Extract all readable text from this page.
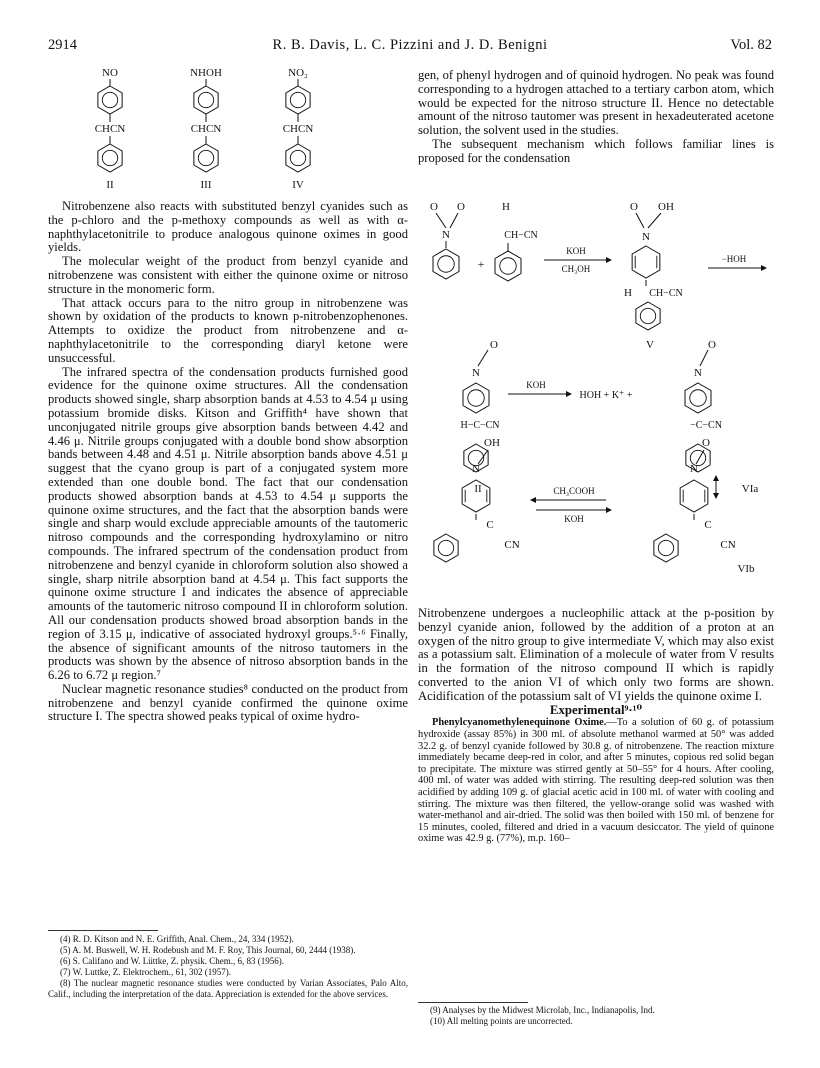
2914	R. B. Davis, L. C. Pizzini and J. D. Benigni	Vol. 82
NO
CHCN
II
NHOH
CHCN
III
NO₂
CHCN
IV

Nitrobenzene also reacts with substituted benzyl cyanides such as the p-chloro and the p-methoxy compounds as well as with α-naphthylacetonitrile to produce analogous quinone oximes in good yields.

The molecular weight of the product from benzyl cyanide and nitrobenzene was consistent with either the quinone oxime or nitroso structure in the monomeric form.

That attack occurs para to the nitro group in nitrobenzene was shown by oxidation of the products to known p-nitrobenzophenones. Attempts to oxidize the product from nitrobenzene and α-naphthylacetonitrile to the corresponding diaryl ketone were unsuccessful.

The infrared spectra of the condensation products furnished good evidence for the quinone oxime structures. All the condensation products showed single, sharp absorption bands at 4.53 to 4.54 μ using potassium bromide disks. Kitson and Griffith⁴ have shown that unconjugated nitrile groups give absorption bands between 4.42 and 4.46 μ. Nitrile groups conjugated with a double bond show absorption bands between 4.48 and 4.51 μ. Nitrile absorption bands above 4.51 μ suggest that the cyano group is part of a conjugated system more extended than one double bond. The fact that our condensation products showed absorption bands at 4.53 to 4.54 μ supports the quinone oxime structures, and the fact that the absorption bands were single and sharp would exclude appreciable amounts of the tautomeric nitroso compounds and the corresponding hydroxylamino or nitro compounds. The infrared spectrum of the condensation product from nitrobenzene and benzyl cyanide in chloroform solution also showed a single, sharp nitrile absorption band at 4.54 μ. This fact supports the quinone oxime structure I and indicates the absence of appreciable amounts of the tautomeric nitroso compound II in chloroform solution. All our condensation products showed broad absorption bands in the region of 3.15 μ, indicative of associated hydroxyl groups.⁵·⁶ Finally, the absence of significant amounts of the nitroso tautomers in the products was shown by the absence of nitroso absorption bands in the 6.26 to 6.72 μ region.⁷

Nuclear magnetic resonance studies⁸ conducted on the product from nitrobenzene and benzyl cyanide confirmed the quinone oxime structure I. The spectra showed peaks typical of oxime hydro-

(4) R. D. Kitson and N. E. Griffith, Anal. Chem., 24, 334 (1952).

(5) A. M. Buswell, W. H. Rodebush and M. F. Roy, This Journal, 60, 2444 (1938).

(6) S. Califano and W. Lüttke, Z. physik. Chem., 6, 83 (1956).

(7) W. Luttke, Z. Elektrochem., 61, 302 (1957).

(8) The nuclear magnetic resonance studies were conducted by Varian Associates, Palo Alto, Calif., including the interpretation of the data. Appreciation is extended for the above services.

gen, of phenyl hydrogen and of quinoid hydrogen. No peak was found corresponding to a hydrogen attached to a tertiary carbon atom, which would be expected for the nitroso structure II. Hence no detectable amount of the nitroso tautomer was present in hexadeuterated acetone solution, the solvent used in the studies.

The subsequent mechanism which follows familiar lines is proposed for the condensation

O O
N
H
CH−CN
+
KOH
CH₃OH
O OH
N
H CH−CN
V
−HOH
O
N
H−C−CN
II
KOH
HOH + K⁺ +
O
N
−C−CN
VIa
OH
N
C
CN
CH₃COOH
KOH
O
N
C
CN
VIb

Nitrobenzene undergoes a nucleophilic attack at the p-position by benzyl cyanide anion, followed by the addition of a proton at an oxygen of the nitro group to give intermediate V, which may also exist as a potassium salt. Elimination of a molecule of water from V results in the formation of the nitroso compound II which is rapidly converted to the anion VI of which only two forms are shown. Acidification of the potassium salt of VI yields the quinone oxime I.

Experimental⁹·¹⁰

Phenylcyanomethylenequinone Oxime.—To a solution of 60 g. of potassium hydroxide (assay 85%) in 300 ml. of absolute methanol warmed at 50° was added 32.2 g. of benzyl cyanide followed by 30.8 g. of nitrobenzene. The reaction mixture immediately became deep-red in color, and after 5 minutes, copious red solid began to precipitate. The mixture was stirred gently at 50–55° for 4 hours. After cooling, 400 ml. of water was added with stirring. The resulting deep-red solution was then acidified by adding 109 g. of glacial acetic acid in 100 ml. of water with cooling and stirring. The mixture was then filtered, the yellow-orange solid was washed with water-methanol and air-dried. The solid was then boiled with 150 ml. of benzene for 15 minutes, cooled, filtered and dried in a vacuum desiccator. The yield of quinone oxime was 42.9 g. (77%), m.p. 160–

(9) Analyses by the Midwest Microlab, Inc., Indianapolis, Ind.

(10) All melting points are uncorrected.
